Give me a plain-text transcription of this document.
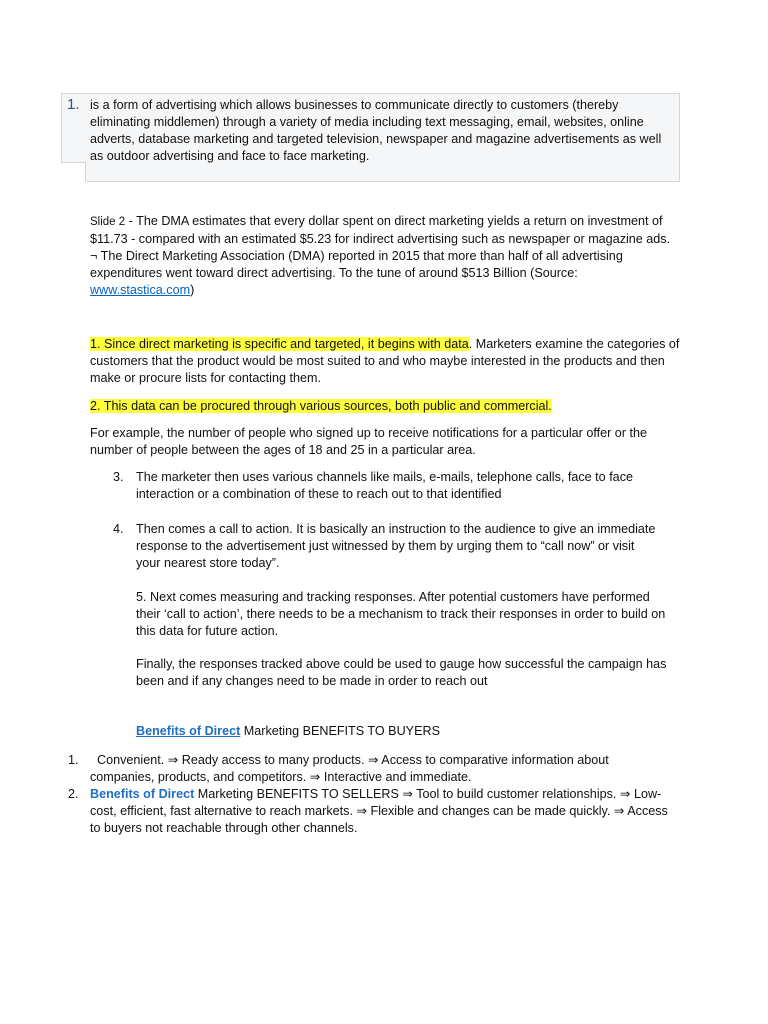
1. is a form of advertising which allows businesses to communicate directly to customers (thereby eliminating middlemen) through a variety of media including text messaging, email, websites, online adverts, database marketing and targeted television, newspaper and magazine advertisements as well as outdoor advertising and face to face marketing.
Slide 2 - The DMA estimates that every dollar spent on direct marketing yields a return on investment of $11.73 - compared with an estimated $5.23 for indirect advertising such as newspaper or magazine ads. ¬ The Direct Marketing Association (DMA) reported in 2015 that more than half of all advertising expenditures went toward direct advertising. To the tune of around $513 Billion (Source: www.stastica.com)
1. Since direct marketing is specific and targeted, it begins with data. Marketers examine the categories of customers that the product would be most suited to and who maybe interested in the products and then make or procure lists for contacting them.
2. This data can be procured through various sources, both public and commercial.
For example, the number of people who signed up to receive notifications for a particular offer or the number of people between the ages of 18 and 25 in a particular area.
3. The marketer then uses various channels like mails, e-mails, telephone calls, face to face interaction or a combination of these to reach out to that identified
4. Then comes a call to action. It is basically an instruction to the audience to give an immediate response to the advertisement just witnessed by them by urging them to “call now” or visit your nearest store today”.
5. Next comes measuring and tracking responses. After potential customers have performed their ‘call to action’, there needs to be a mechanism to track their responses in order to build on this data for future action.
Finally, the responses tracked above could be used to gauge how successful the campaign has been and if any changes need to be made in order to reach out
Benefits of Direct Marketing BENEFITS TO BUYERS
1. Convenient. ⇒ Ready access to many products. ⇒ Access to comparative information about companies, products, and competitors. ⇒ Interactive and immediate.
2. Benefits of Direct Marketing BENEFITS TO SELLERS ⇒ Tool to build customer relationships. ⇒ Low-cost, efficient, fast alternative to reach markets. ⇒ Flexible and changes can be made quickly. ⇒ Access to buyers not reachable through other channels.
